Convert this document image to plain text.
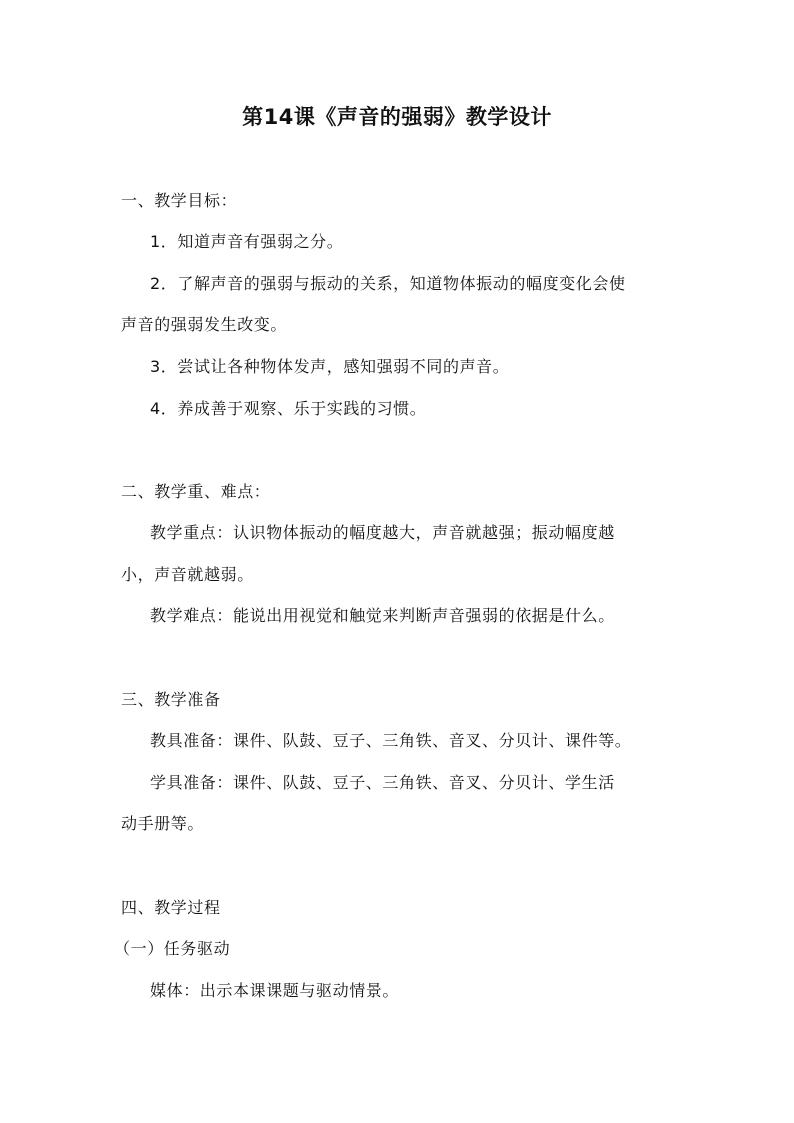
第14课《声音的强弱》教学设计
一、教学目标：
1．知道声音有强弱之分。
2．了解声音的强弱与振动的关系，知道物体振动的幅度变化会使
声音的强弱发生改变。
3．尝试让各种物体发声，感知强弱不同的声音。
4．养成善于观察、乐于实践的习惯。
二、教学重、难点：
教学重点：认识物体振动的幅度越大，声音就越强；振动幅度越
小，声音就越弱。
教学难点：能说出用视觉和触觉来判断声音强弱的依据是什么。
三、教学准备
教具准备：课件、队鼓、豆子、三角铁、音叉、分贝计、课件等。
学具准备：课件、队鼓、豆子、三角铁、音叉、分贝计、学生活
动手册等。
四、教学过程
（一）任务驱动
媒体：出示本课课题与驱动情景。
